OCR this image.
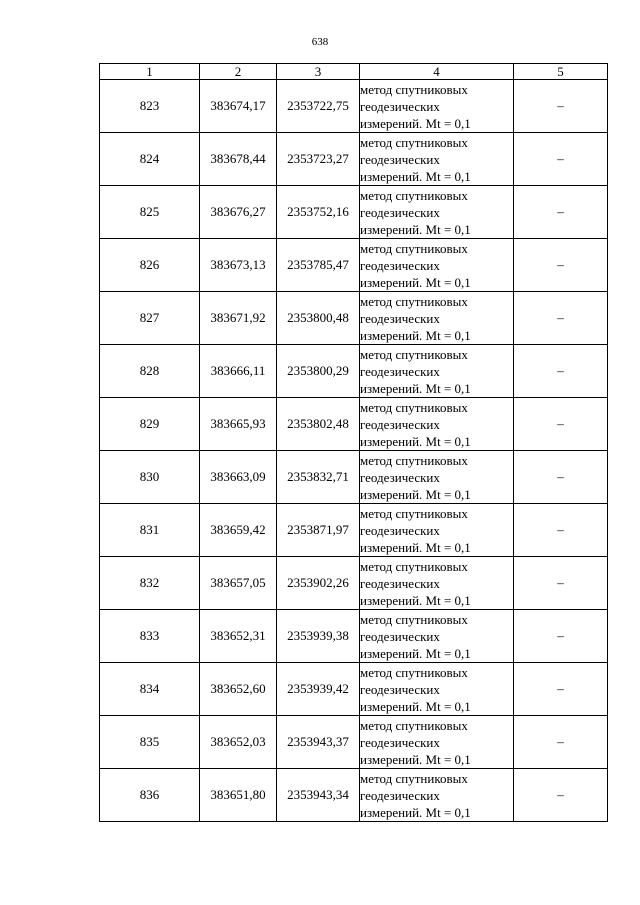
638
1	2	3	4	5
823	383674,17	2353722,75	метод спутниковых
геодезических
измерений. Mt = 0,1	–
824	383678,44	2353723,27	метод спутниковых
геодезических
измерений. Mt = 0,1	–
825	383676,27	2353752,16	метод спутниковых
геодезических
измерений. Mt = 0,1	–
826	383673,13	2353785,47	метод спутниковых
геодезических
измерений. Mt = 0,1	–
827	383671,92	2353800,48	метод спутниковых
геодезических
измерений. Mt = 0,1	–
828	383666,11	2353800,29	метод спутниковых
геодезических
измерений. Mt = 0,1	–
829	383665,93	2353802,48	метод спутниковых
геодезических
измерений. Mt = 0,1	–
830	383663,09	2353832,71	метод спутниковых
геодезических
измерений. Mt = 0,1	–
831	383659,42	2353871,97	метод спутниковых
геодезических
измерений. Mt = 0,1	–
832	383657,05	2353902,26	метод спутниковых
геодезических
измерений. Mt = 0,1	–
833	383652,31	2353939,38	метод спутниковых
геодезических
измерений. Mt = 0,1	–
834	383652,60	2353939,42	метод спутниковых
геодезических
измерений. Mt = 0,1	–
835	383652,03	2353943,37	метод спутниковых
геодезических
измерений. Mt = 0,1	–
836	383651,80	2353943,34	метод спутниковых
геодезических
измерений. Mt = 0,1	–
